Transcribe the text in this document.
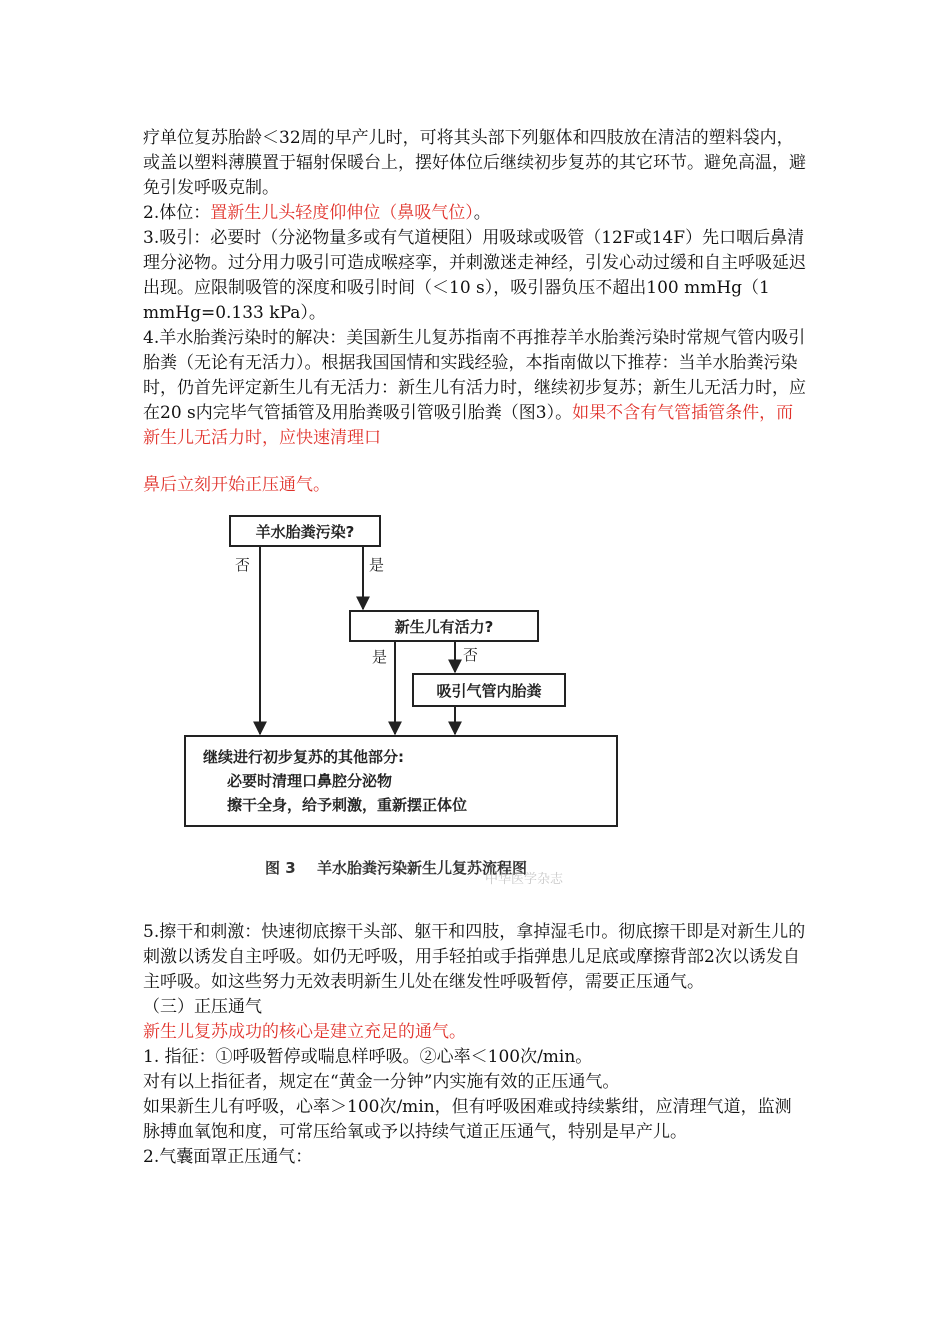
疗单位复苏胎龄＜32周的早产儿时，可将其头部下列躯体和四肢放在清洁的塑料袋内，或盖以塑料薄膜置于辐射保暖台上，摆好体位后继续初步复苏的其它环节。避免高温，避免引发呼吸克制。

2.体位：置新生儿头轻度仰伸位（鼻吸气位）。

3.吸引：必要时（分泌物量多或有气道梗阻）用吸球或吸管（12F或14F）先口咽后鼻清理分泌物。过分用力吸引可造成喉痉挛，并刺激迷走神经，引发心动过缓和自主呼吸延迟出现。应限制吸管的深度和吸引时间（＜10 s），吸引器负压不超出100 mmHg（1 mmHg=0.133 kPa）。

4.羊水胎粪污染时的解决：美国新生儿复苏指南不再推荐羊水胎粪污染时常规气管内吸引胎粪（无论有无活力）。根据我国国情和实践经验，本指南做以下推荐：当羊水胎粪污染时，仍首先评定新生儿有无活力：新生儿有活力时，继续初步复苏；新生儿无活力时，应在20 s内完毕气管插管及用胎粪吸引管吸引胎粪（图3）。如果不含有气管插管条件，而新生儿无活力时，应快速清理口

鼻后立刻开始正压通气。

羊水胎粪污染?
否	是
新生儿有活力?
是	否
吸引气管内胎粪
继续进行初步复苏的其他部分:
必要时清理口鼻腔分泌物
擦干全身，给予刺激，重新摆正体位
图 3 羊水胎粪污染新生儿复苏流程图
中华医学杂志

5.擦干和刺激：快速彻底擦干头部、躯干和四肢，拿掉湿毛巾。彻底擦干即是对新生儿的刺激以诱发自主呼吸。如仍无呼吸，用手轻拍或手指弹患儿足底或摩擦背部2次以诱发自主呼吸。如这些努力无效表明新生儿处在继发性呼吸暂停，需要正压通气。

（三）正压通气

新生儿复苏成功的核心是建立充足的通气。

1. 指征：①呼吸暂停或喘息样呼吸。②心率＜100次/min。

对有以上指征者，规定在“黄金一分钟”内实施有效的正压通气。

如果新生儿有呼吸，心率＞100次/min，但有呼吸困难或持续紫绀，应清理气道，监测脉搏血氧饱和度，可常压给氧或予以持续气道正压通气，特别是早产儿。

2.气囊面罩正压通气：
